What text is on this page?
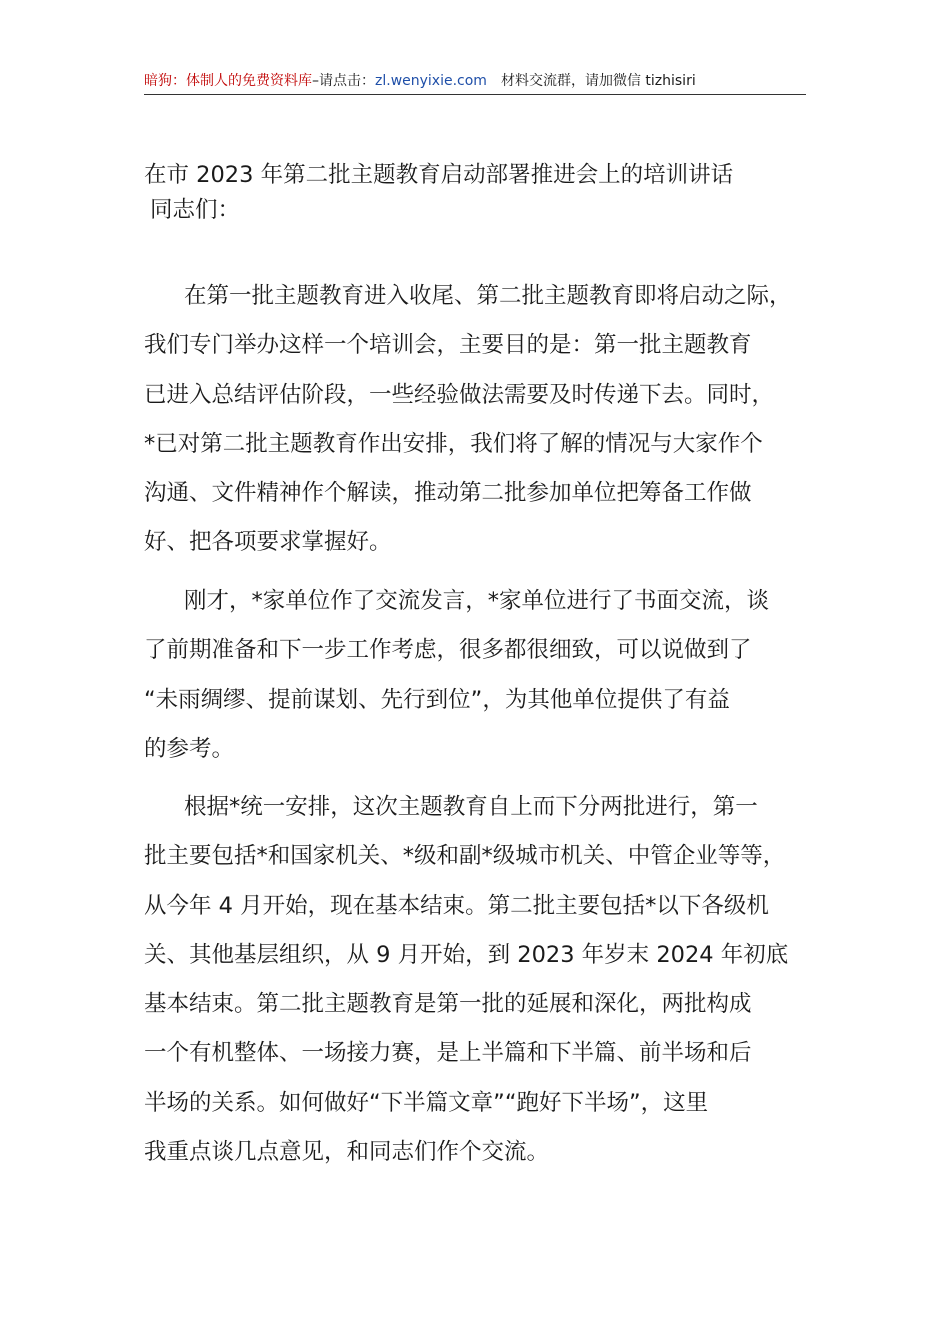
暗狗：体制人的免费资料库–请点击：zl.wenyixie.com 材料交流群，请加微信 tizhisiri
在市 2023 年第二批主题教育启动部署推进会上的培训讲话
同志们：
在第一批主题教育进入收尾、第二批主题教育即将启动之际，
我们专门举办这样一个培训会，主要目的是：第一批主题教育
已进入总结评估阶段，一些经验做法需要及时传递下去。同时，
*已对第二批主题教育作出安排，我们将了解的情况与大家作个
沟通、文件精神作个解读，推动第二批参加单位把筹备工作做
好、把各项要求掌握好。
刚才，*家单位作了交流发言，*家单位进行了书面交流，谈
了前期准备和下一步工作考虑，很多都很细致，可以说做到了
“未雨绸缪、提前谋划、先行到位”，为其他单位提供了有益
的参考。
根据*统一安排，这次主题教育自上而下分两批进行，第一
批主要包括*和国家机关、*级和副*级城市机关、中管企业等等，
从今年 4 月开始，现在基本结束。第二批主要包括*以下各级机
关、其他基层组织，从 9 月开始，到 2023 年岁末 2024 年初底
基本结束。第二批主题教育是第一批的延展和深化，两批构成
一个有机整体、一场接力赛，是上半篇和下半篇、前半场和后
半场的关系。如何做好“下半篇文章”“跑好下半场”，这里
我重点谈几点意见，和同志们作个交流。
